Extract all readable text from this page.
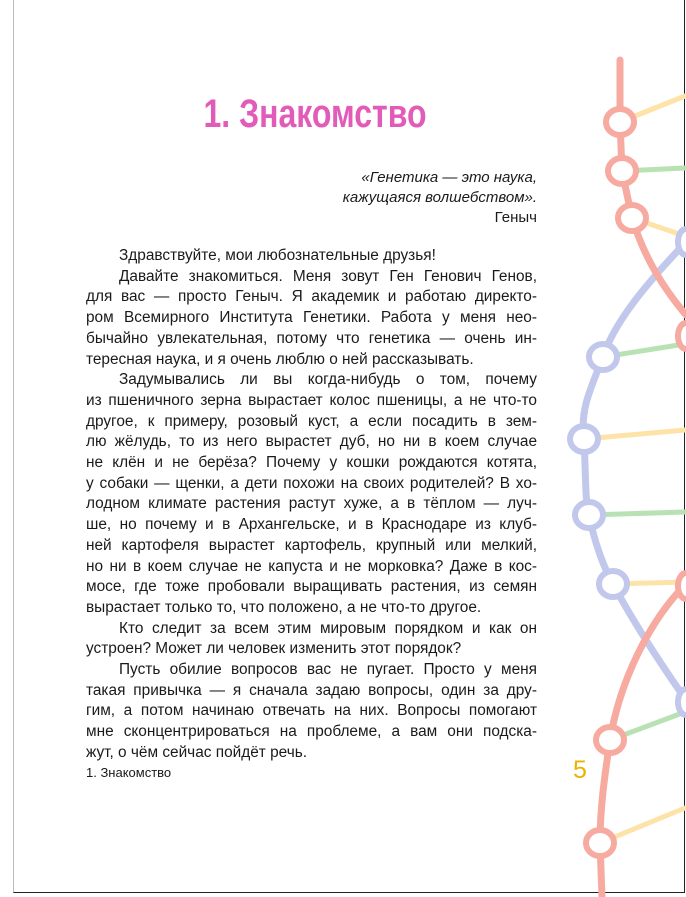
1. Знакомство
«Генетика — это наука,
кажущаяся волшебством».
Геныч
Здравствуйте, мои любознательные друзья!
Давайте знакомиться. Меня зовут Ген Генович Генов,
для вас — просто Геныч. Я академик и работаю директо-
ром Всемирного Института Генетики. Работа у меня нео-
бычайно увлекательная, потому что генетика — очень ин-
тересная наука, и я очень люблю о ней рассказывать.
Задумывались ли вы когда-нибудь о том, почему
из пшеничного зерна вырастает колос пшеницы, а не что-то
другое, к примеру, розовый куст, а если посадить в зем-
лю жёлудь, то из него вырастет дуб, но ни в коем случае
не клён и не берёза? Почему у кошки рождаются котята,
у собаки — щенки, а дети похожи на своих родителей? В хо-
лодном климате растения растут хуже, а в тёплом — луч-
ше, но почему и в Архангельске, и в Краснодаре из клуб-
ней картофеля вырастет картофель, крупный или мелкий,
но ни в коем случае не капуста и не морковка? Даже в кос-
мосе, где тоже пробовали выращивать растения, из семян
вырастает только то, что положено, а не что-то другое.
Кто следит за всем этим мировым порядком и как он
устроен? Может ли человек изменить этот порядок?
Пусть обилие вопросов вас не пугает. Просто у меня
такая привычка — я сначала задаю вопросы, один за дру-
гим, а потом начинаю отвечать на них. Вопросы помогают
мне сконцентрироваться на проблеме, а вам они подска-
жут, о чём сейчас пойдёт речь.
1. Знакомство	5
